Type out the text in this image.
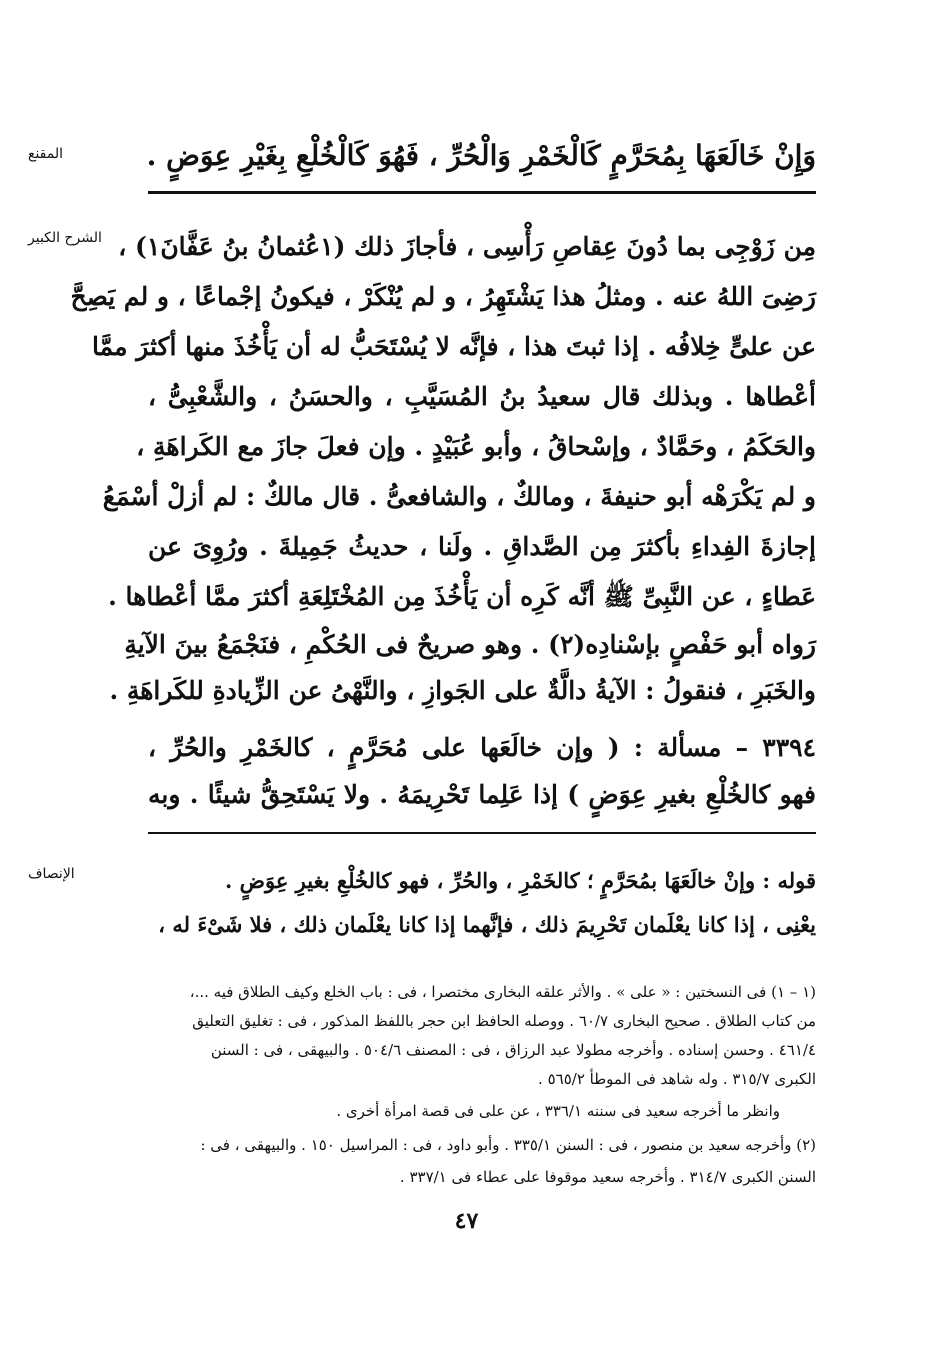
المقنع	وَإِنْ خَالَعَهَا بِمُحَرَّمٍ كَالْخَمْرِ وَالْحُرِّ ، فَهُوَ كَالْخُلْعِ بِغَيْرِ عِوَضٍ .
الشرح الكبير مِن زَوْجِى بما دُونَ عِقاصِ رَأْسِى ، فأجازَ ذلك (١عُثمانُ بنُ عَفَّانَ١) ،
رَضِىَ اللهُ عنه . ومثلُ هذا يَشْتَهِرُ ، و لم يُنْكَرْ ، فيكونُ إجْماعًا ، و لم يَصِحَّ
عن علىٍّ خِلافُه . إذا ثبتَ هذا ، فإنَّه لا يُسْتَحَبُّ له أن يَأْخُذَ منها أكثرَ ممَّا
أعْطاها . وبذلك قال سعيدُ بنُ المُسَيَّبِ ، والحسَنُ ، والشَّعْبِىُّ ،
والحَكَمُ ، وحَمَّادٌ ، وإسْحاقُ ، وأبو عُبَيْدٍ . وإن فعلَ جازَ مع الكَراهَةِ ،
و لم يَكْرَهْه أبو حنيفةَ ، ومالكٌ ، والشافعىُّ . قال مالكٌ : لم أزلْ أسْمَعُ
إجازةَ الفِداءِ بأكثرَ مِن الصَّداقِ . ولَنا ، حديثُ جَمِيلةَ . ورُوِىَ عن
عَطاءٍ ، عن النَّبِىِّ ﷺ أنَّه كَرِه أن يَأْخُذَ مِن المُخْتَلِعَةِ أكثرَ ممَّا أعْطاها .
رَواه أبو حَفْصٍ بإسْنادِه(٢) . وهو صريحٌ فى الحُكْمِ ، فنَجْمَعُ بينَ الآيةِ
والخَبَرِ ، فنقولُ : الآيةُ دالَّةٌ على الجَوازِ ، والنَّهْىُ عن الزِّيادةِ للكَراهَةِ .
٣٣٩٤ – مسألة : ( وإن خالَعَها على مُحَرَّمٍ ، كالخَمْرِ والحُرِّ ،
فهو كالخُلْعِ بغيرِ عِوَضٍ ) إذا عَلِما تَحْرِيمَهُ . ولا يَسْتَحِقُّ شيئًا . وبه
الإنصاف	قوله : وإنْ خالَعَهَا بمُحَرَّمٍ ؛ كالخَمْرِ ، والحُرِّ ، فهو كالخُلْعِ بغيرِ عِوَضٍ .
يعْنِى ، إذا كانا يعْلَمان تَحْرِيمَ ذلك ، فإنَّهما إذا كانا يعْلَمان ذلك ، فلا شَىْءَ له ،
(١ – ١) فى النسختين : « على » . والأثر علقه البخارى مختصرا ، فى : باب الخلع وكيف الطلاق فيه ...،
من كتاب الطلاق . صحيح البخارى ٦٠/٧ . ووصله الحافظ ابن حجر باللفظ المذكور ، فى : تغليق التعليق
٤٦١/٤ . وحسن إسناده . وأخرجه مطولا عبد الرزاق ، فى : المصنف ٥٠٤/٦ . والبيهقى ، فى : السنن
الكبرى ٣١٥/٧ . وله شاهد فى الموطأ ٥٦٥/٢ .
وانظر ما أخرجه سعيد فى سننه ٣٣٦/١ ، عن على فى قصة امرأة أخرى .
(٢) وأخرجه سعيد بن منصور ، فى : السنن ٣٣٥/١ . وأبو داود ، فى : المراسيل ١٥٠ . والبيهقى ، فى :
السنن الكبرى ٣١٤/٧ . وأخرجه سعيد موقوفا على عطاء فى ٣٣٧/١ .
٤٧
